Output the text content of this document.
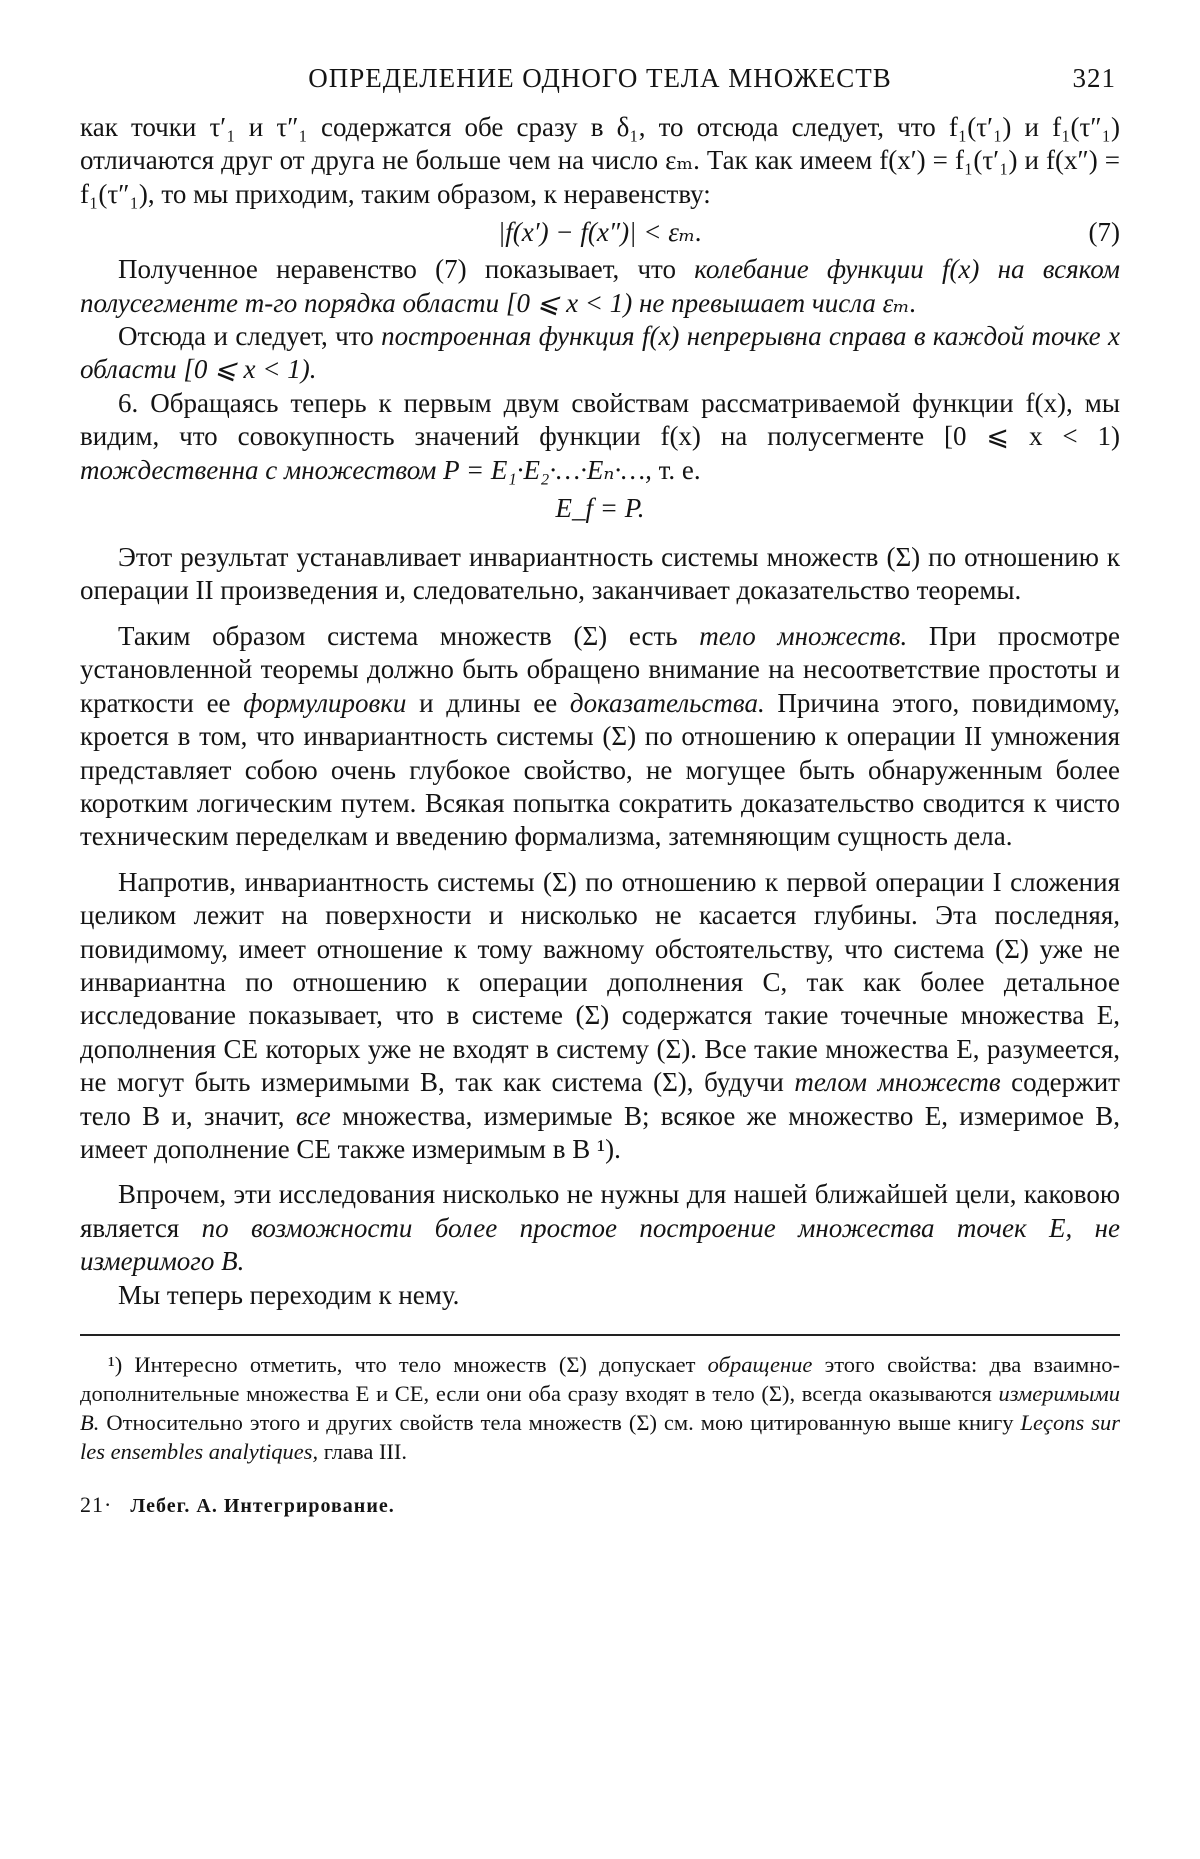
ОПРЕДЕЛЕНИЕ ОДНОГО ТЕЛА МНОЖЕСТВ	321

как точки τ′₁ и τ″₁ содержатся обе сразу в δ₁, то отсюда следует, что f₁(τ′₁) и f₁(τ″₁) отличаются друг от друга не больше чем на число εₘ. Так как имеем f(x′) = f₁(τ′₁) и f(x″) = f₁(τ″₁), то мы приходим, таким образом, к неравенству:

|f(x′) − f(x″)| < εₘ.	(7)

Полученное неравенство (7) показывает, что колебание функции f(x) на всяком полусегменте m-го порядка области [0 ⩽ x < 1) не превышает числа εₘ.

Отсюда и следует, что построенная функция f(x) непрерывна справа в каждой точке x области [0 ⩽ x < 1).

6. Обращаясь теперь к первым двум свойствам рассматриваемой функции f(x), мы видим, что совокупность значений функции f(x) на полусегменте [0 ⩽ x < 1) тождественна с множеством P = E₁·E₂·…·Eₙ·…, т. е.

E_f = P.

Этот результат устанавливает инвариантность системы множеств (Σ) по отношению к операции II произведения и, следовательно, заканчивает доказательство теоремы.

Таким образом система множеств (Σ) есть тело множеств. При просмотре установленной теоремы должно быть обращено внимание на несоответствие простоты и краткости ее формулировки и длины ее доказательства. Причина этого, повидимому, кроется в том, что инвариантность системы (Σ) по отношению к операции II умножения представляет собою очень глубокое свойство, не могущее быть обнаруженным более коротким логическим путем. Всякая попытка сократить доказательство сводится к чисто техническим переделкам и введению формализма, затемняющим сущность дела.

Напротив, инвариантность системы (Σ) по отношению к первой операции I сложения целиком лежит на поверхности и нисколько не касается глубины. Эта последняя, повидимому, имеет отношение к тому важному обстоятельству, что система (Σ) уже не инвариантна по отношению к операции дополнения C, так как более детальное исследование показывает, что в системе (Σ) содержатся такие точечные множества E, дополнения CE которых уже не входят в систему (Σ). Все такие множества E, разумеется, не могут быть измеримыми B, так как система (Σ), будучи телом множеств содержит тело B и, значит, все множества, измеримые B; всякое же множество E, измеримое B, имеет дополнение CE также измеримым в B ¹).

Впрочем, эти исследования нисколько не нужны для нашей ближайшей цели, каковою является по возможности более простое построение множества точек E, не измеримого B.

Мы теперь переходим к нему.

¹) Интересно отметить, что тело множеств (Σ) допускает обращение этого свойства: два взаимно-дополнительные множества E и CE, если они оба сразу входят в тело (Σ), всегда оказываются измеримыми B. Относительно этого и других свойств тела множеств (Σ) см. мою цитированную выше книгу Leçons sur les ensembles analytiques, глава III.
21· Лебег. А. Интегрирование.
